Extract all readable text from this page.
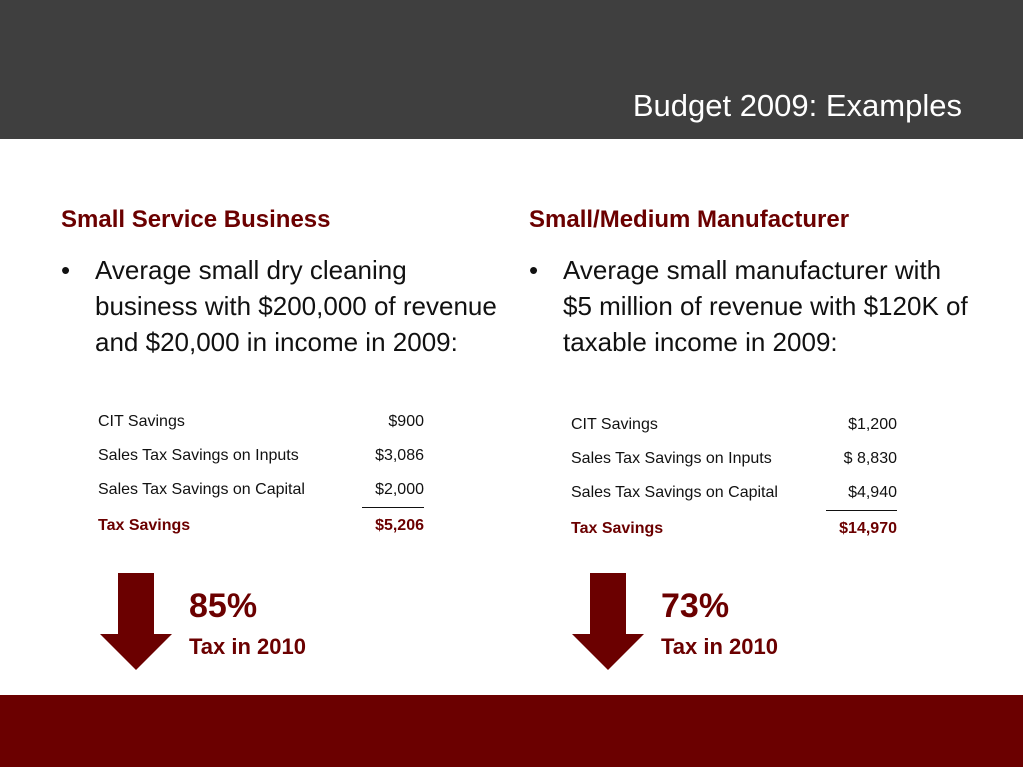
Budget 2009: Examples
Small Service Business
• Average small dry cleaning business with $200,000 of revenue and $20,000 in income in 2009:
CIT Savings	$900
Sales Tax Savings on Inputs	$3,086
Sales Tax Savings on Capital	$2,000
Tax Savings	$5,206
Small/Medium Manufacturer
• Average small manufacturer with $5 million of revenue with $120K of taxable income in 2009:
CIT Savings	$1,200
Sales Tax Savings on Inputs	$ 8,830
Sales Tax Savings on Capital	$4,940
Tax Savings	$14,970
85%
Tax in 2010
73%
Tax in 2010
